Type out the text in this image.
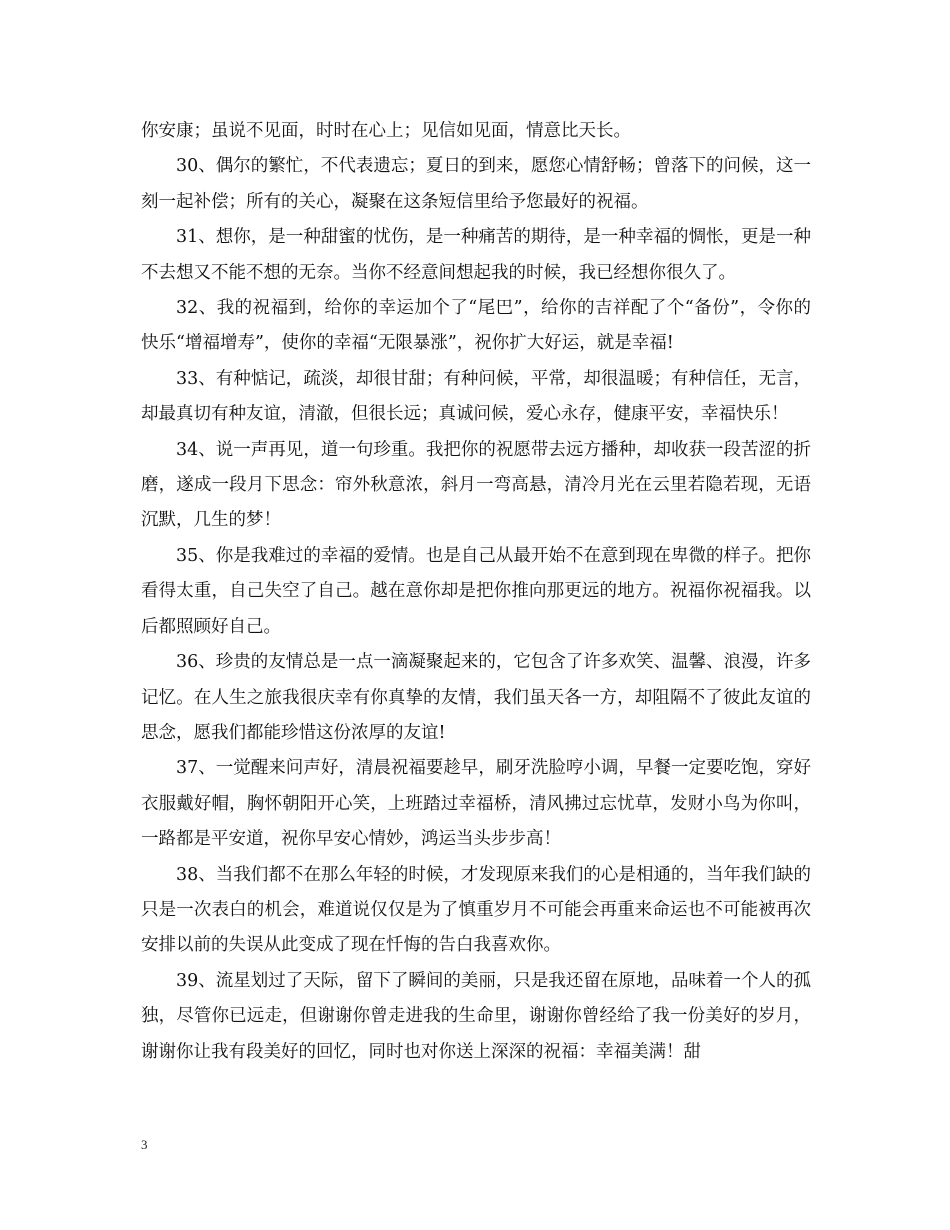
你安康；虽说不见面，时时在心上；见信如见面，情意比天长。

30、偶尔的繁忙，不代表遗忘；夏日的到来，愿您心情舒畅；曾落下的问候，这一刻一起补偿；所有的关心，凝聚在这条短信里给予您最好的祝福。

31、想你，是一种甜蜜的忧伤，是一种痛苦的期待，是一种幸福的惆怅，更是一种不去想又不能不想的无奈。当你不经意间想起我的时候，我已经想你很久了。

32、我的祝福到，给你的幸运加个了“尾巴”，给你的吉祥配了个“备份”，令你的快乐“增福增寿”，使你的幸福“无限暴涨”，祝你扩大好运，就是幸福!

33、有种惦记，疏淡，却很甘甜；有种问候，平常，却很温暖；有种信任，无言，却最真切有种友谊，清澈，但很长远；真诚问候，爱心永存，健康平安，幸福快乐！

34、说一声再见，道一句珍重。我把你的祝愿带去远方播种，却收获一段苦涩的折磨，遂成一段月下思念：帘外秋意浓，斜月一弯高悬，清冷月光在云里若隐若现，无语沉默，几生的梦！

35、你是我难过的幸福的爱情。也是自己从最开始不在意到现在卑微的样子。把你看得太重，自己失空了自己。越在意你却是把你推向那更远的地方。祝福你祝福我。以后都照顾好自己。

36、珍贵的友情总是一点一滴凝聚起来的，它包含了许多欢笑、温馨、浪漫，许多记忆。在人生之旅我很庆幸有你真挚的友情，我们虽天各一方，却阻隔不了彼此友谊的思念，愿我们都能珍惜这份浓厚的友谊!

37、一觉醒来问声好，清晨祝福要趁早，刷牙洗脸哼小调，早餐一定要吃饱，穿好衣服戴好帽，胸怀朝阳开心笑，上班踏过幸福桥，清风拂过忘忧草，发财小鸟为你叫，一路都是平安道，祝你早安心情妙，鸿运当头步步高！

38、当我们都不在那么年轻的时候，才发现原来我们的心是相通的，当年我们缺的只是一次表白的机会，难道说仅仅是为了慎重岁月不可能会再重来命运也不可能被再次安排以前的失误从此变成了现在忏悔的告白我喜欢你。

39、流星划过了天际，留下了瞬间的美丽，只是我还留在原地，品味着一个人的孤独，尽管你已远走，但谢谢你曾走进我的生命里，谢谢你曾经给了我一份美好的岁月，谢谢你让我有段美好的回忆，同时也对你送上深深的祝福：幸福美满！甜

3
